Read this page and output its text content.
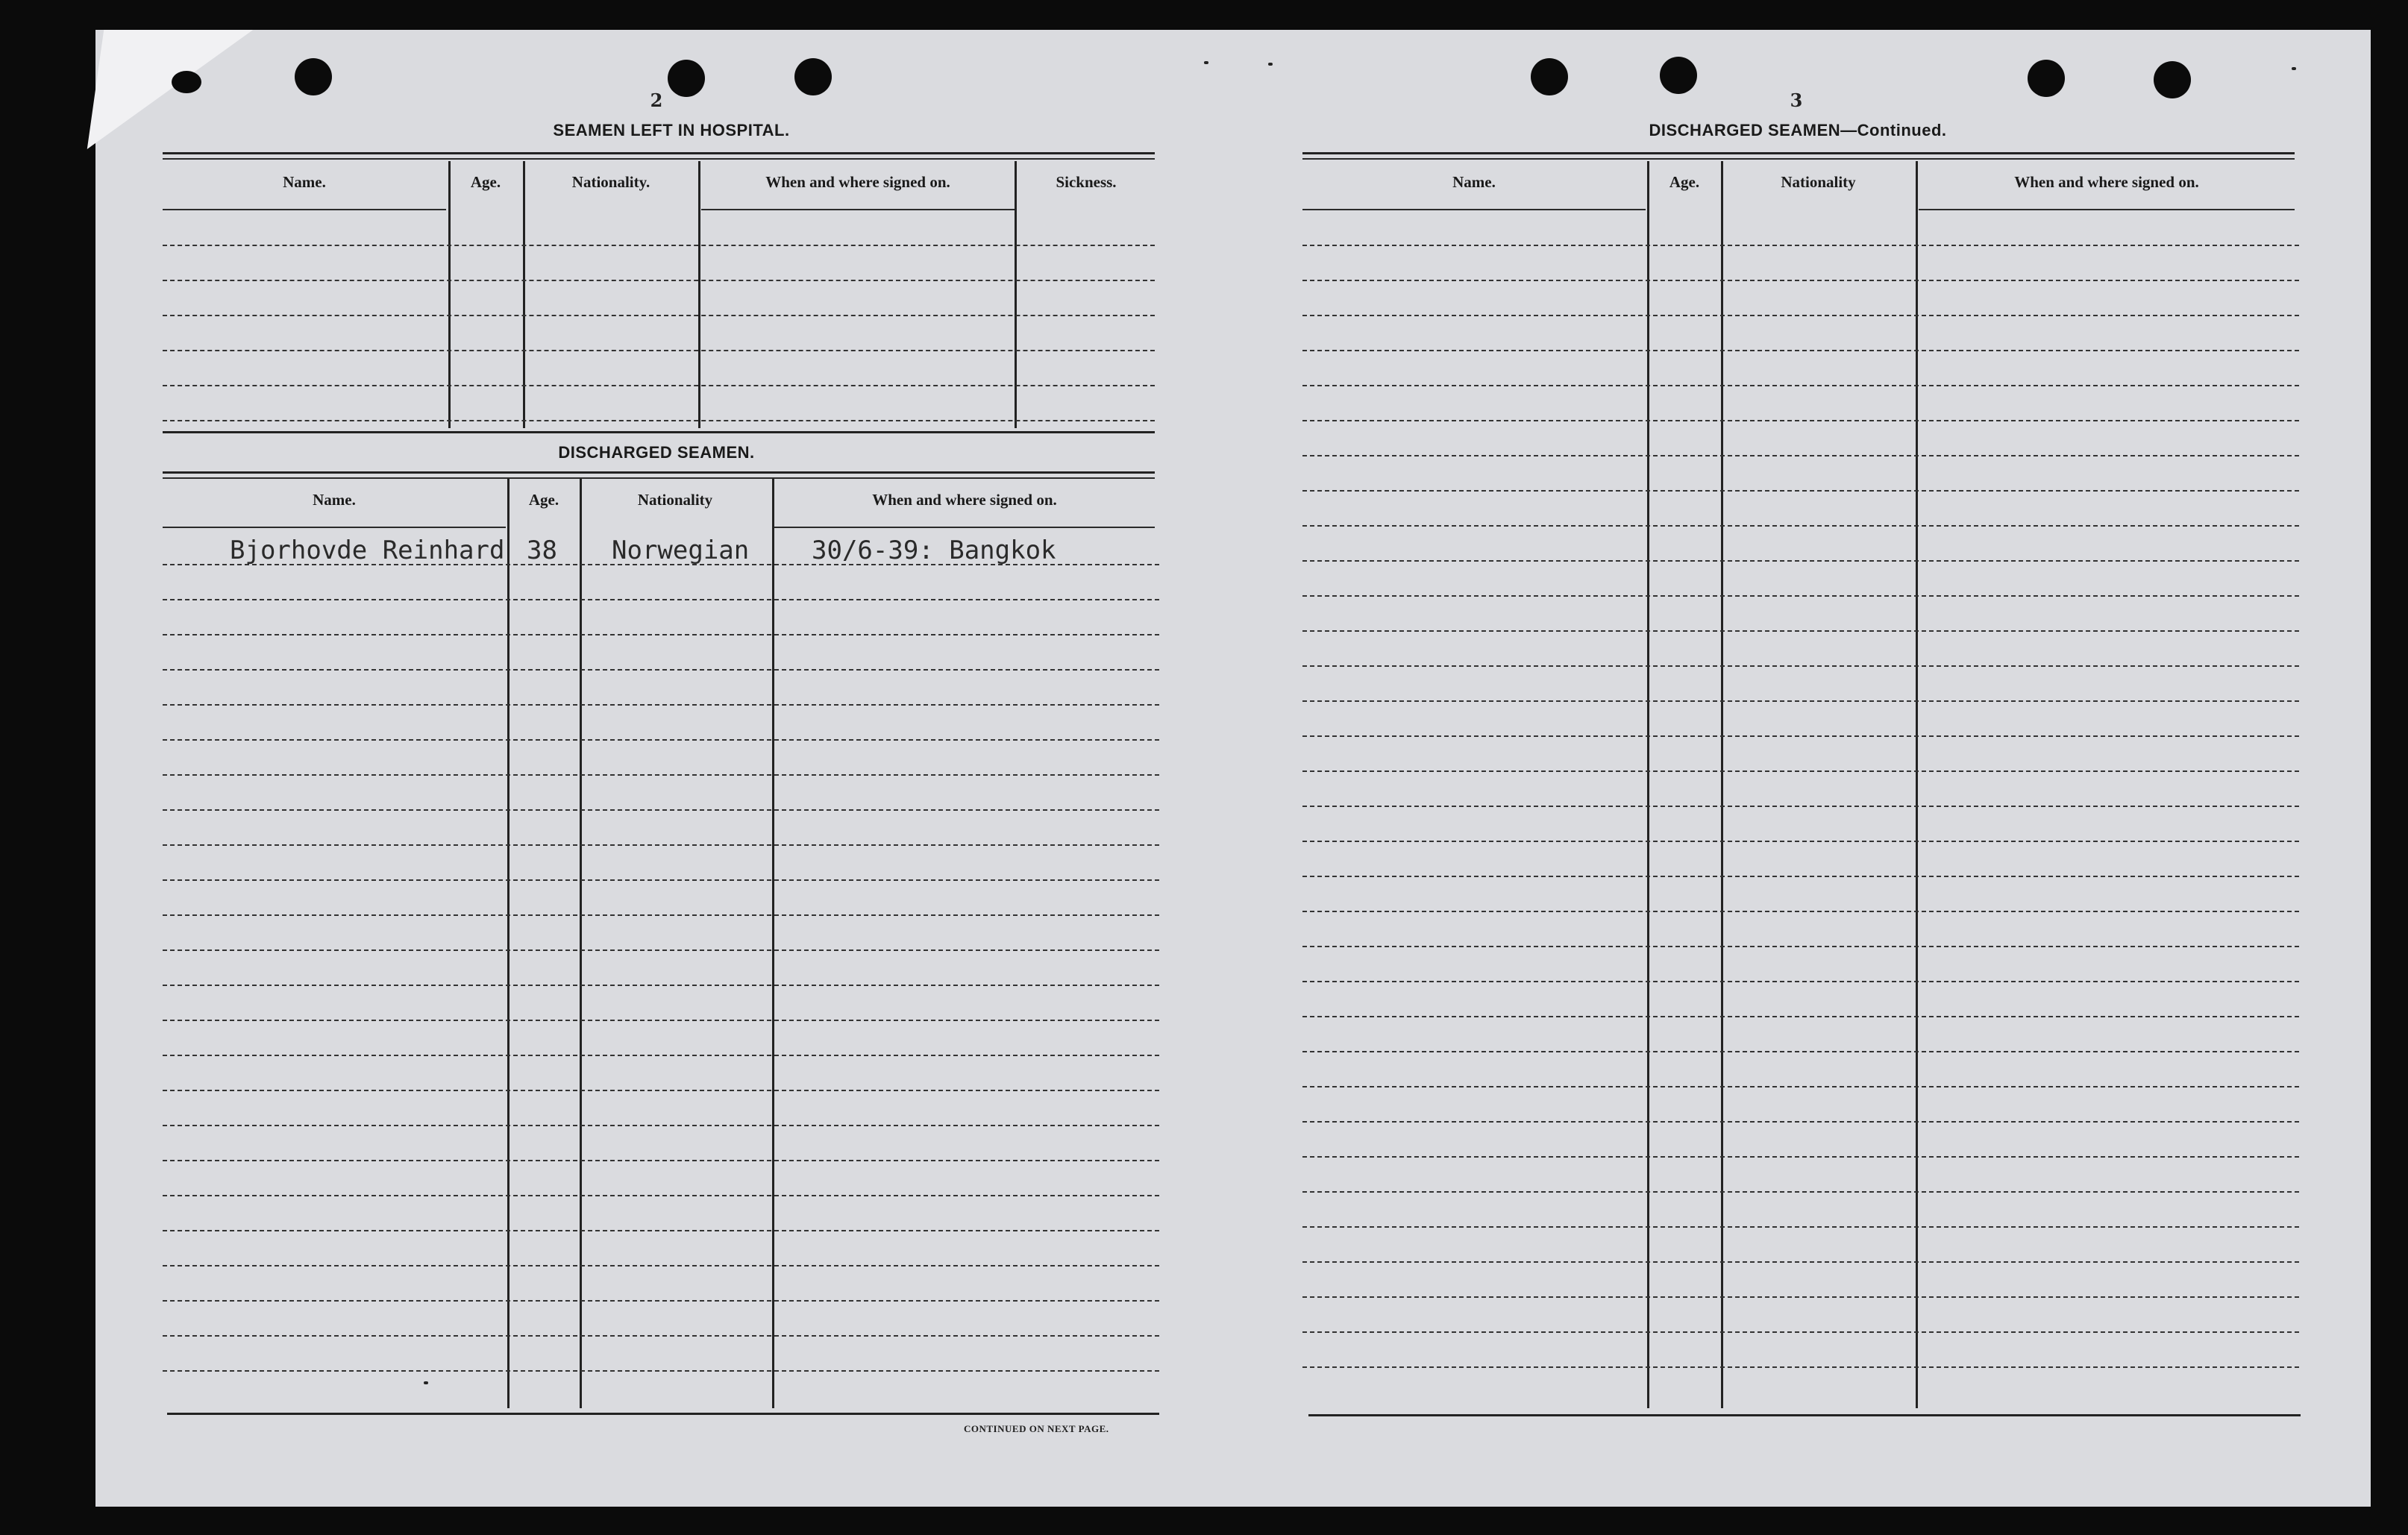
2
SEAMEN LEFT IN HOSPITAL.
Name.	Age.	Nationality.	When and where signed on.	Sickness.
DISCHARGED SEAMEN.
Name.	Age.	Nationality	When and where signed on.
Bjorhovde Reinhard 38 Norwegian 30/6-39: Bangkok
CONTINUED ON NEXT PAGE.
3
DISCHARGED SEAMEN—Continued.
Name.	Age.	Nationality	When and where signed on.
